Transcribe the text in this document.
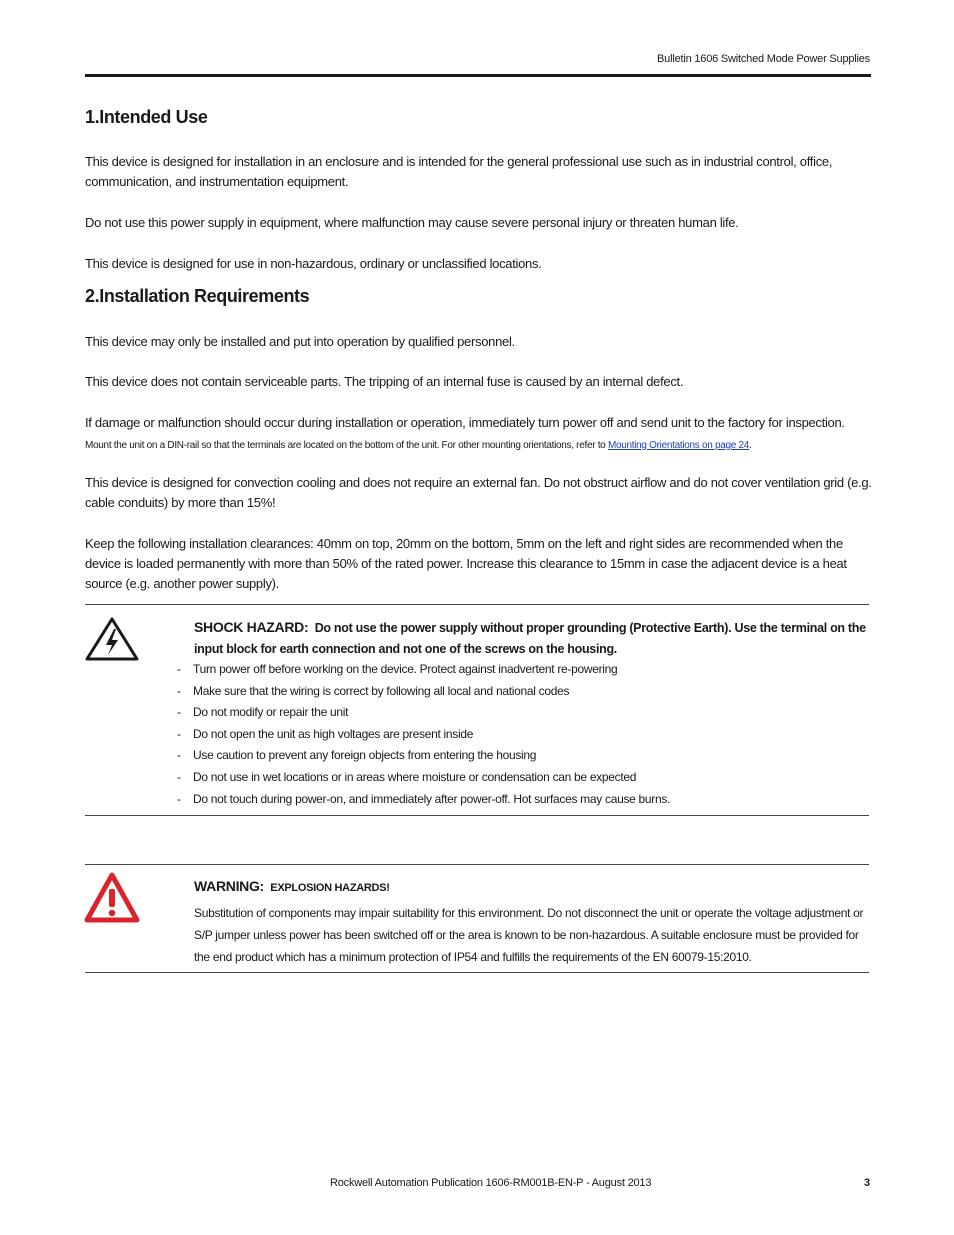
Bulletin 1606 Switched Mode Power Supplies
1.Intended Use
This device is designed for installation in an enclosure and is intended for the general professional use such as in industrial control, office, communication, and instrumentation equipment.
Do not use this power supply in equipment, where malfunction may cause severe personal injury or threaten human life.
This device is designed for use in non-hazardous, ordinary or unclassified locations.
2.Installation Requirements
This device may only be installed and put into operation by qualified personnel.
This device does not contain serviceable parts. The tripping of an internal fuse is caused by an internal defect.
If damage or malfunction should occur during installation or operation, immediately turn power off and send unit to the factory for inspection.
Mount the unit on a DIN-rail so that the terminals are located on the bottom of the unit. For other mounting orientations, refer to Mounting Orientations on page 24.
This device is designed for convection cooling and does not require an external fan. Do not obstruct airflow and do not cover ventilation grid (e.g. cable conduits) by more than 15%!
Keep the following installation clearances: 40mm on top, 20mm on the bottom, 5mm on the left and right sides are recommended when the device is loaded permanently with more than 50% of the rated power. Increase this clearance to 15mm in case the adjacent device is a heat source (e.g. another power supply).
SHOCK HAZARD: Do not use the power supply without proper grounding (Protective Earth). Use the terminal on the input block for earth connection and not one of the screws on the housing.
- Turn power off before working on the device. Protect against inadvertent re-powering
- Make sure that the wiring is correct by following all local and national codes
- Do not modify or repair the unit
- Do not open the unit as high voltages are present inside
- Use caution to prevent any foreign objects from entering the housing
- Do not use in wet locations or in areas where moisture or condensation can be expected
- Do not touch during power-on, and immediately after power-off. Hot surfaces may cause burns.
WARNING: EXPLOSION HAZARDS!
Substitution of components may impair suitability for this environment. Do not disconnect the unit or operate the voltage adjustment or S/P jumper unless power has been switched off or the area is known to be non-hazardous. A suitable enclosure must be provided for the end product which has a minimum protection of IP54 and fulfills the requirements of the EN 60079-15:2010.
Rockwell Automation Publication 1606-RM001B-EN-P - August 2013	3
